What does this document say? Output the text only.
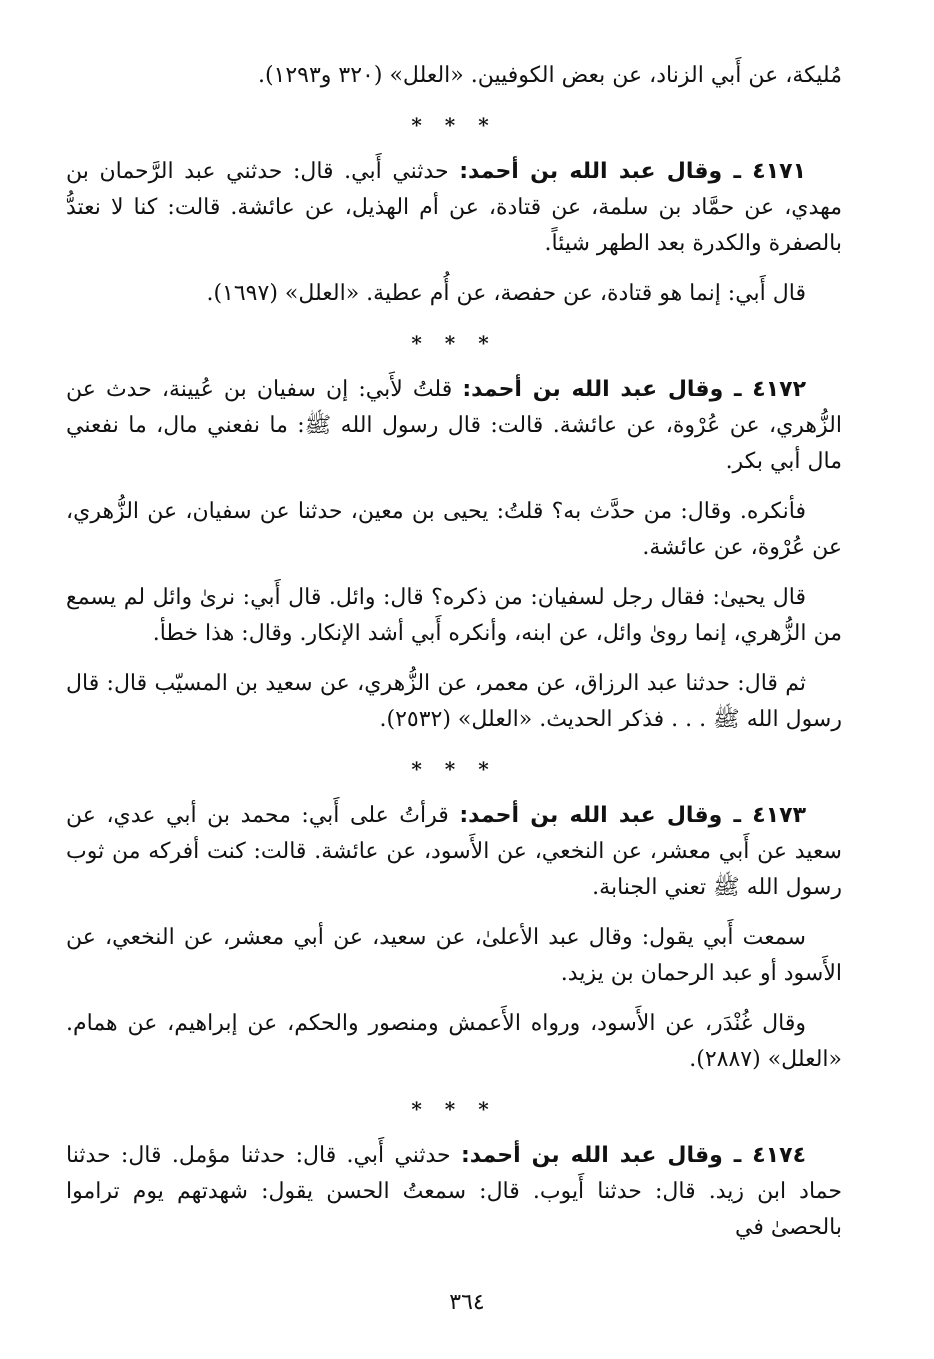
مُليكة، عن أَبي الزناد، عن بعض الكوفيين. «العلل» (٣٢٠ و١٢٩٣).

* * *

٤١٧١ ـ وقال عبد الله بن أحمد: حدثني أَبي. قال: حدثني عبد الرَّحمان بن مهدي، عن حمَّاد بن سلمة، عن قتادة، عن أم الهذيل، عن عائشة. قالت: كنا لا نعتدُّ بالصفرة والكدرة بعد الطهر شيئاً.

قال أَبي: إنما هو قتادة، عن حفصة، عن أُم عطية. «العلل» (١٦٩٧).

* * *

٤١٧٢ ـ وقال عبد الله بن أحمد: قلتُ لأَبي: إن سفيان بن عُيينة، حدث عن الزُّهري، عن عُرْوة، عن عائشة. قالت: قال رسول الله ﷺ: ما نفعني مال، ما نفعني مال أبي بكر.

فأنكره. وقال: من حدَّث به؟ قلتُ: يحيى بن معين، حدثنا عن سفيان، عن الزُّهري، عن عُرْوة، عن عائشة.

قال يحيىٰ: فقال رجل لسفيان: من ذكره؟ قال: وائل. قال أَبي: نرىٰ وائل لم يسمع من الزُّهري، إنما روىٰ وائل، عن ابنه، وأنكره أَبي أشد الإنكار. وقال: هذا خطأ.

ثم قال: حدثنا عبد الرزاق، عن معمر، عن الزُّهري، عن سعيد بن المسيّب قال: قال رسول الله ﷺ . . . فذكر الحديث. «العلل» (٢٥٣٢).

* * *

٤١٧٣ ـ وقال عبد الله بن أحمد: قرأتُ على أَبي: محمد بن أبي عدي، عن سعيد عن أَبي معشر، عن النخعي، عن الأَسود، عن عائشة. قالت: كنت أفركه من ثوب رسول الله ﷺ تعني الجنابة.

سمعت أَبي يقول: وقال عبد الأعلىٰ، عن سعيد، عن أبي معشر، عن النخعي، عن الأَسود أو عبد الرحمان بن يزيد.

وقال غُنْدَر، عن الأَسود، ورواه الأَعمش ومنصور والحكم، عن إبراهيم، عن همام. «العلل» (٢٨٨٧).

* * *

٤١٧٤ ـ وقال عبد الله بن أحمد: حدثني أَبي. قال: حدثنا مؤمل. قال: حدثنا حماد ابن زيد. قال: حدثنا أَيوب. قال: سمعتُ الحسن يقول: شهدتهم يوم تراموا بالحصىٰ في

٣٦٤
